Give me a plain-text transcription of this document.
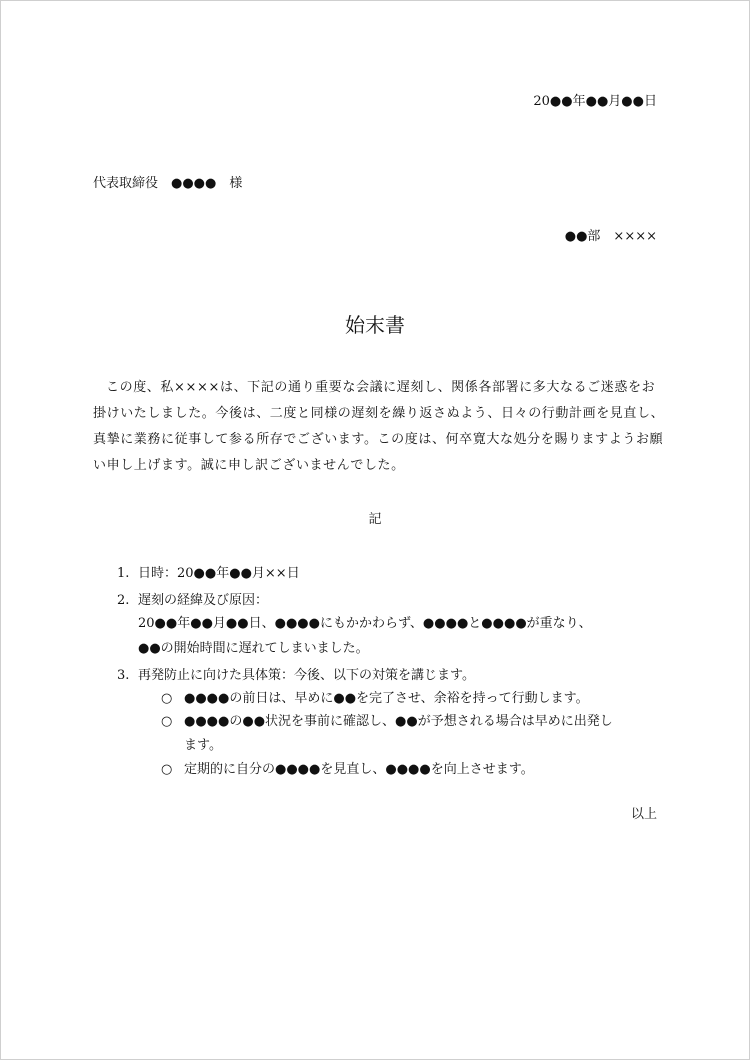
20●●年●●月●●日
代表取締役　●●●●　様
●●部　××××
始末書
この度、私××××は、下記の通り重要な会議に遅刻し、関係各部署に多大なるご迷惑をお掛けいたしました。今後は、二度と同様の遅刻を繰り返さぬよう、日々の行動計画を見直し、真摯に業務に従事して参る所存でございます。この度は、何卒寛大な処分を賜りますようお願い申し上げます。誠に申し訳ございませんでした。
記
1. 日時：20●●年●●月××日
2. 遅刻の経緯及び原因：
20●●年●●月●●日、●●●●にもかかわらず、●●●●と●●●●が重なり、
●●の開始時間に遅れてしまいました。
3. 再発防止に向けた具体策：今後、以下の対策を講じます。
○ ●●●●の前日は、早めに●●を完了させ、余裕を持って行動します。
○ ●●●●の●●状況を事前に確認し、●●が予想される場合は早めに出発し
ます。
○ 定期的に自分の●●●●を見直し、●●●●を向上させます。
以上
